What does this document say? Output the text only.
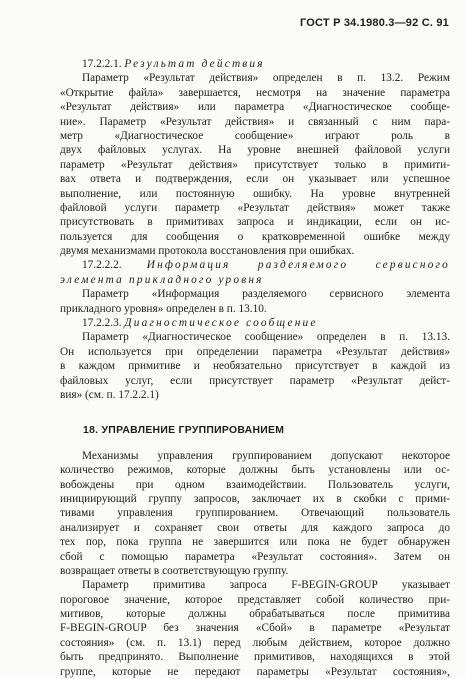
ГОСТ Р 34.1980.3—92 С. 91
17.2.2.1. Результат действия
Параметр «Результат действия» определен в п. 13.2. Режим
«Открытие файла» завершается, несмотря на значение параметра
«Результат действия» или параметра «Диагностическое сообще-
ние». Параметр «Результат действия» и связанный с ним пара-
метр «Диагностическое сообщение» играют роль в
двух файловых услугах. На уровне внешней файловой услуги
параметр «Результат действия» присутствует только в примити-
вах ответа и подтверждения, если он указывает или успешное
выполнение, или постоянную ошибку. На уровне внутренней
файловой услуги параметр «Результат действия» может также
присутствовать в примитивах запроса и индикации, если он ис-
пользуется для сообщения о кратковременной ошибке между
двумя механизмами протокола восстановления при ошибках.
17.2.2.2. Информация разделяемого сервисного
элемента прикладного уровня
Параметр «Информация разделяемого сервисного элемента
прикладного уровня» определен в п. 13.10.
17.2.2.3. Диагностическое сообщение
Параметр «Диагностическое сообщение» определен в п. 13.13.
Он используется при определении параметра «Результат действия»
в каждом примитиве и необязательно присутствует в каждой из
файловых услуг, если присутствует параметр «Результат дейст-
вия» (см. п. 17.2.2.1)
18. УПРАВЛЕНИЕ ГРУППИРОВАНИЕМ
Механизмы управления группированием допускают некоторое
количество режимов, которые должны быть установлены или ос-
вобождены при одном взаимодействии. Пользователь услуги,
инициирующий группу запросов, заключает их в скобки с прими-
тивами управления группированием. Отвечающий пользователь
анализирует и сохраняет свои ответы для каждого запроса до
тех пор, пока группа не завершится или пока не будет обнаружен
сбой с помощью параметра «Результат состояния». Затем он
возвращает ответы в соответствующую группу.
Параметр примитива запроса F-BEGIN-GROUP указывает
пороговое значение, которое представляет собой количество при-
митивов, которые должны обрабатываться после примитива
F-BEGIN-GROUP без значения «Сбой» в параметре «Результат
состояния» (см. п. 13.1) перед любым действием, которое должно
быть предпринято. Выполнение примитивов, находящихся в этой
группе, которые не передают параметры «Результат состояния»,
